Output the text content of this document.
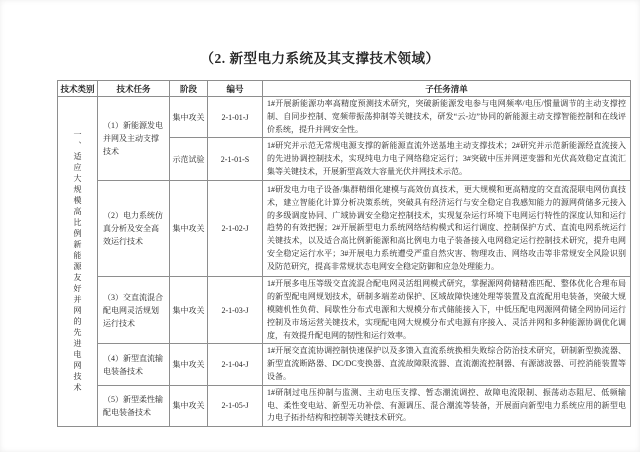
（2. 新型电力系统及其支撑技术领域）
技术类别	技术任务	阶段	编号	子任务清单
一、适应大规模高比例新能源友好并网的先进电网技术	（1）新能源发电并网及主动支撑技术	集中攻关	2-1-01-J	1#开展新能源功率高精度预测技术研究，突破新能源发电参与电网频率/电压/惯量调节的主动支撑控制、自同步控制、宽频带振荡抑制等关键技术，研发“云-边”协同的新能源主动支撑智能控制和在线评价系统，提升并网安全性。
		示范试验	2-1-01-S	1#研究并示范无常规电源支撑的新能源直流外送基地主动支撑技术；2#研究并示范新能源经直流接入的先进协调控制技术，实现纯电力电子网络稳定运行；3#突破中压并网逆变器和光伏高效稳定直流汇集等关键技术，开展新型高效大容量光伏并网技术示范。
	（2）电力系统仿真分析及安全高效运行技术	集中攻关	2-1-02-J	1#研发电力电子设备/集群精细化建模与高效仿真技术，更大规模和更高精度的交直流混联电网仿真技术，建立智能化计算分析决策系统，突破具有经济运行与安全稳定自我感知能力的源网荷储多元接入的多级调度协同、广域协调安全稳定控制技术，实现复杂运行环境下电网运行特性的深度认知和运行趋势的有效把握；2#开展新型电力系统网络结构模式和运行调度、控制保护方式、直流电网系统运行关键技术，以及适合高比例新能源和高比例电力电子装备接入电网稳定运行控制技术研究，提升电网安全稳定运行水平；3#开展电力系统遭受严重自然灾害、物理攻击、网络攻击等非常规安全风险识别及防范研究，提高非常规状态电网安全稳定防御和应急处理能力。
	（3）交直流混合配电网灵活规划运行技术	集中攻关	2-1-03-J	1#开展多电压等级交直流混合配电网灵活组网模式研究，掌握源网荷储精准匹配、整体优化合理布局的新型配电网规划技术，研制多端差动保护、区域故障快速处理等装置及直流配用电装备，突破大规模随机性负荷、间歇性分布式电源和大规模分布式储能接入下，中低压配电网源网荷储全网协同运行控制及市场运营关键技术，实现配电网大规模分布式电源有序接入、灵活并网和多种能源协调优化调度，有效提升配电网的韧性和运行效率。
	（4）新型直流输电装备技术	集中攻关	2-1-04-J	1#开展交直流协调控制快速保护以及多馈入直流系统换相失败综合防治技术研究，研制新型换流器、新型直流断路器、DC/DC变换器、直流故障限流器、直流潮流控制器、有源滤波器、可控消能装置等设备。
	（5）新型柔性输配电装备技术	集中攻关	2-1-05-J	1#研制过电压抑制与监测、主动电压支撑、暂态潮流调控、故障电流限制、振荡动态阻尼、低频输电、柔性变电站、新型无功补偿、有源调压、混合潮流等装备，开展面向新型电力系统应用的新型电力电子拓扑结构和控制等关键技术研究。
